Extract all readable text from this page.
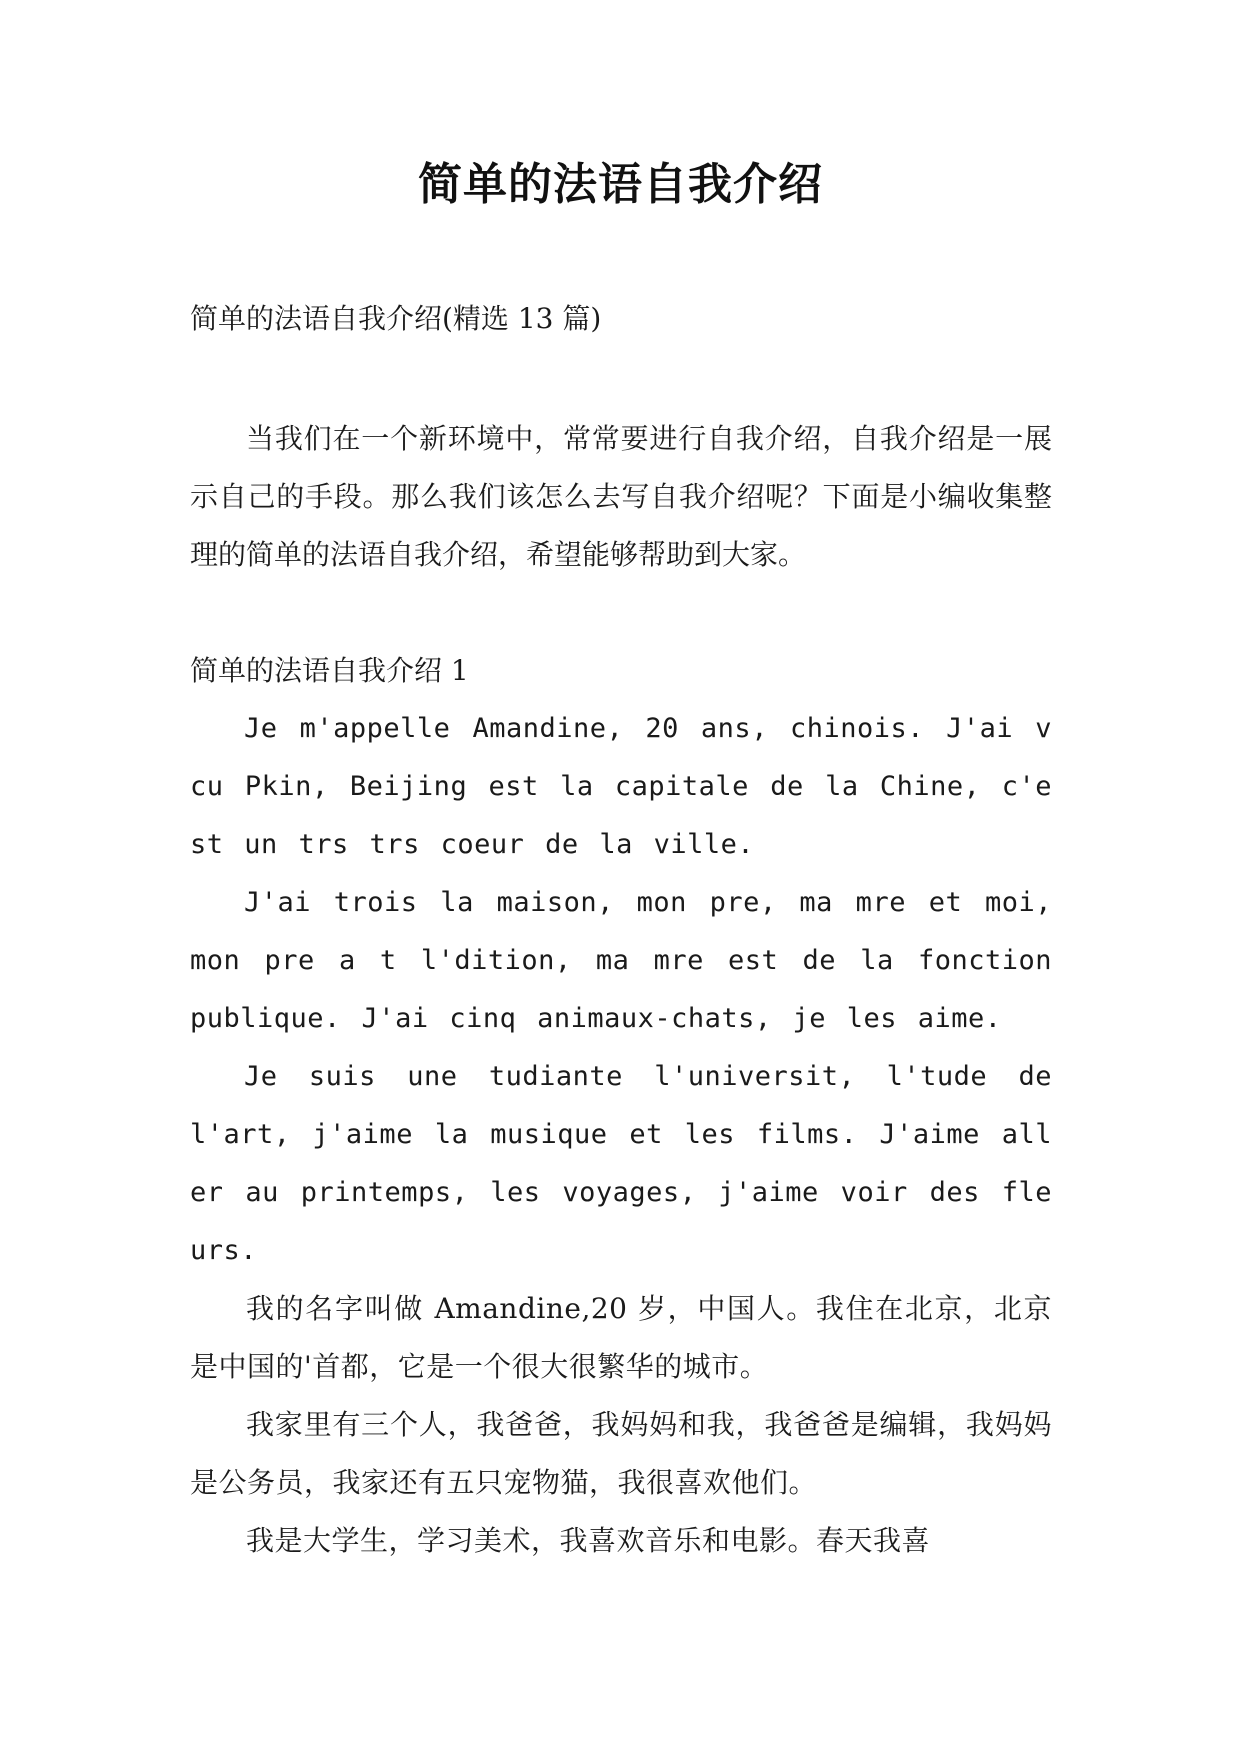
简单的法语自我介绍

简单的法语自我介绍(精选 13 篇)

当我们在一个新环境中，常常要进行自我介绍，自我介绍是一展示自己的手段。那么我们该怎么去写自我介绍呢？下面是小编收集整理的简单的法语自我介绍，希望能够帮助到大家。

简单的法语自我介绍 1

Je m'appelle Amandine, 20 ans, chinois. J'ai vcu Pkin, Beijing est la capitale de la Chine, c'est un trs trs coeur de la ville.

J'ai trois la maison, mon pre, ma mre et moi, mon pre a t l'dition, ma mre est de la fonction publique. J'ai cinq animaux-chats, je les aime.

Je suis une tudiante l'universit, l'tude de l'art, j'aime la musique et les films. J'aime aller au printemps, les voyages, j'aime voir des fleurs.

我的名字叫做 Amandine,20 岁，中国人。我住在北京，北京是中国的'首都，它是一个很大很繁华的城市。

我家里有三个人，我爸爸，我妈妈和我，我爸爸是编辑，我妈妈是公务员，我家还有五只宠物猫，我很喜欢他们。

我是大学生，学习美术，我喜欢音乐和电影。春天我喜
